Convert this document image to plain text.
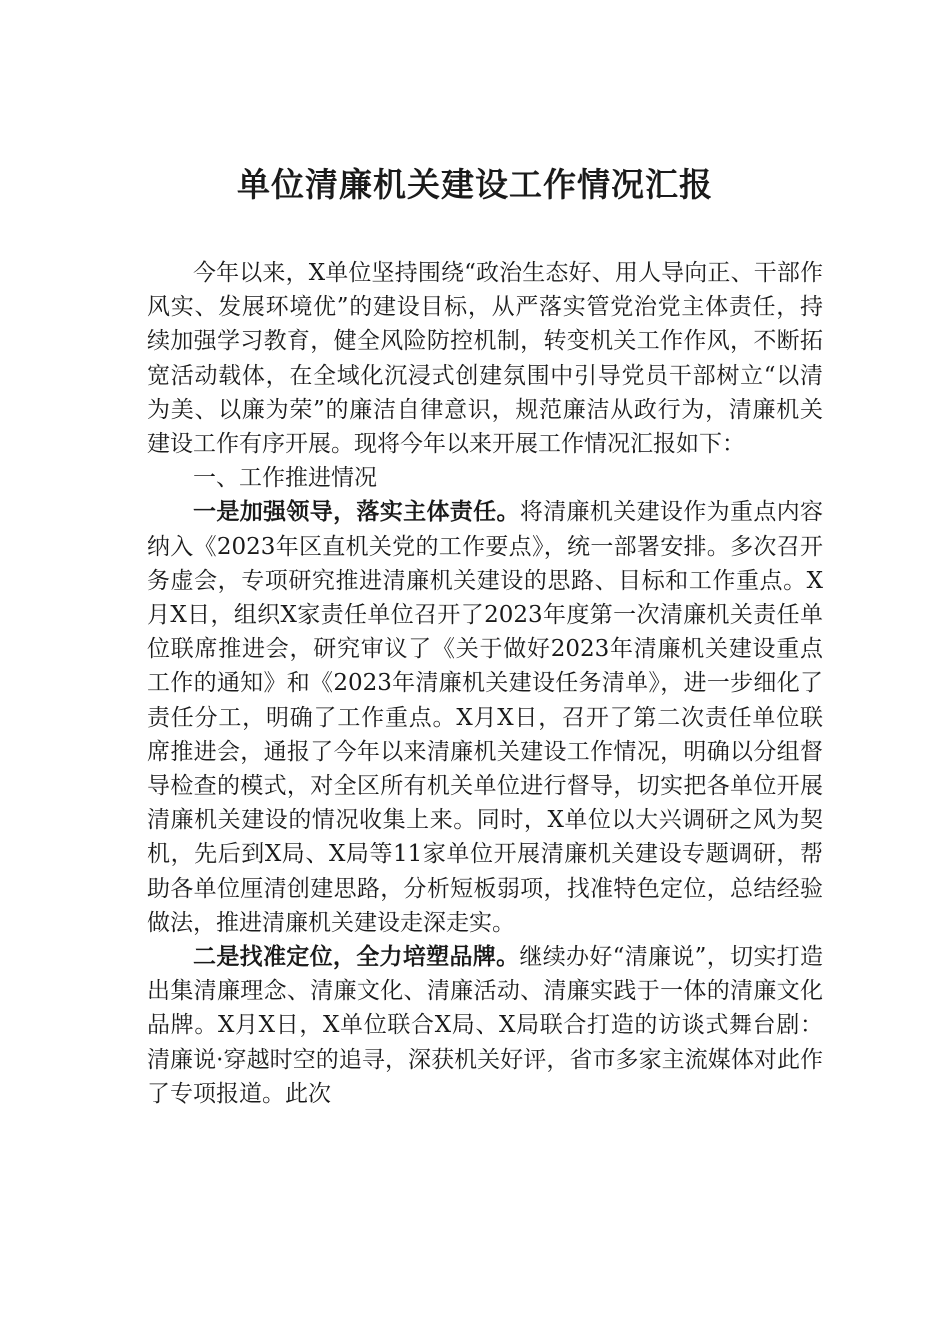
单位清廉机关建设工作情况汇报

今年以来，X单位坚持围绕“政治生态好、用人导向正、干部作风实、发展环境优”的建设目标，从严落实管党治党主体责任，持续加强学习教育，健全风险防控机制，转变机关工作作风，不断拓宽活动载体，在全域化沉浸式创建氛围中引导党员干部树立“以清为美、以廉为荣”的廉洁自律意识，规范廉洁从政行为，清廉机关建设工作有序开展。现将今年以来开展工作情况汇报如下：

一、工作推进情况

一是加强领导，落实主体责任。将清廉机关建设作为重点内容纳入《2023年区直机关党的工作要点》，统一部署安排。多次召开务虚会，专项研究推进清廉机关建设的思路、目标和工作重点。X月X日，组织X家责任单位召开了2023年度第一次清廉机关责任单位联席推进会，研究审议了《关于做好2023年清廉机关建设重点工作的通知》和《2023年清廉机关建设任务清单》，进一步细化了责任分工，明确了工作重点。X月X日，召开了第二次责任单位联席推进会，通报了今年以来清廉机关建设工作情况，明确以分组督导检查的模式，对全区所有机关单位进行督导，切实把各单位开展清廉机关建设的情况收集上来。同时，X单位以大兴调研之风为契机，先后到X局、X局等11家单位开展清廉机关建设专题调研，帮助各单位厘清创建思路，分析短板弱项，找准特色定位，总结经验做法，推进清廉机关建设走深走实。

二是找准定位，全力培塑品牌。继续办好“清廉说”，切实打造出集清廉理念、清廉文化、清廉活动、清廉实践于一体的清廉文化品牌。X月X日，X单位联合X局、X局联合打造的访谈式舞台剧：清廉说·穿越时空的追寻，深获机关好评，省市多家主流媒体对此作了专项报道。此次
